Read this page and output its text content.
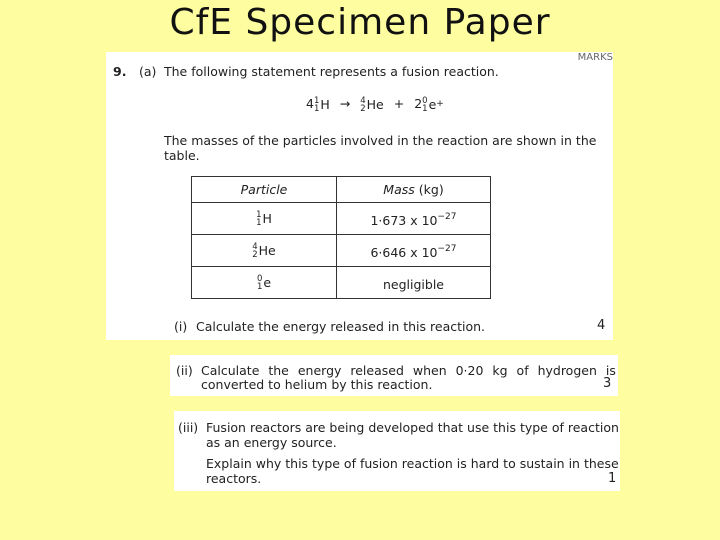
CfE Specimen Paper
MARKS
9. (a) The following statement represents a fusion reaction.
4 1
1 H → 4
2 He + 2 0
1 e +
The masses of the particles involved in the reaction are shown in the
table.
Particle	Mass (kg)

1
1 H	1·673 x $10^{-27}$

4
2 He	6·646 x $10^{-27}$

0
1 e	negligible
(i) Calculate the energy released in this reaction.	4
(ii) Calculate the energy released when 0·20 kg of hydrogen is
converted to helium by this reaction.	3
(iii) Fusion reactors are being developed that use this type of reaction
as an energy source.
Explain why this type of fusion reaction is hard to sustain in these
reactors.	1
